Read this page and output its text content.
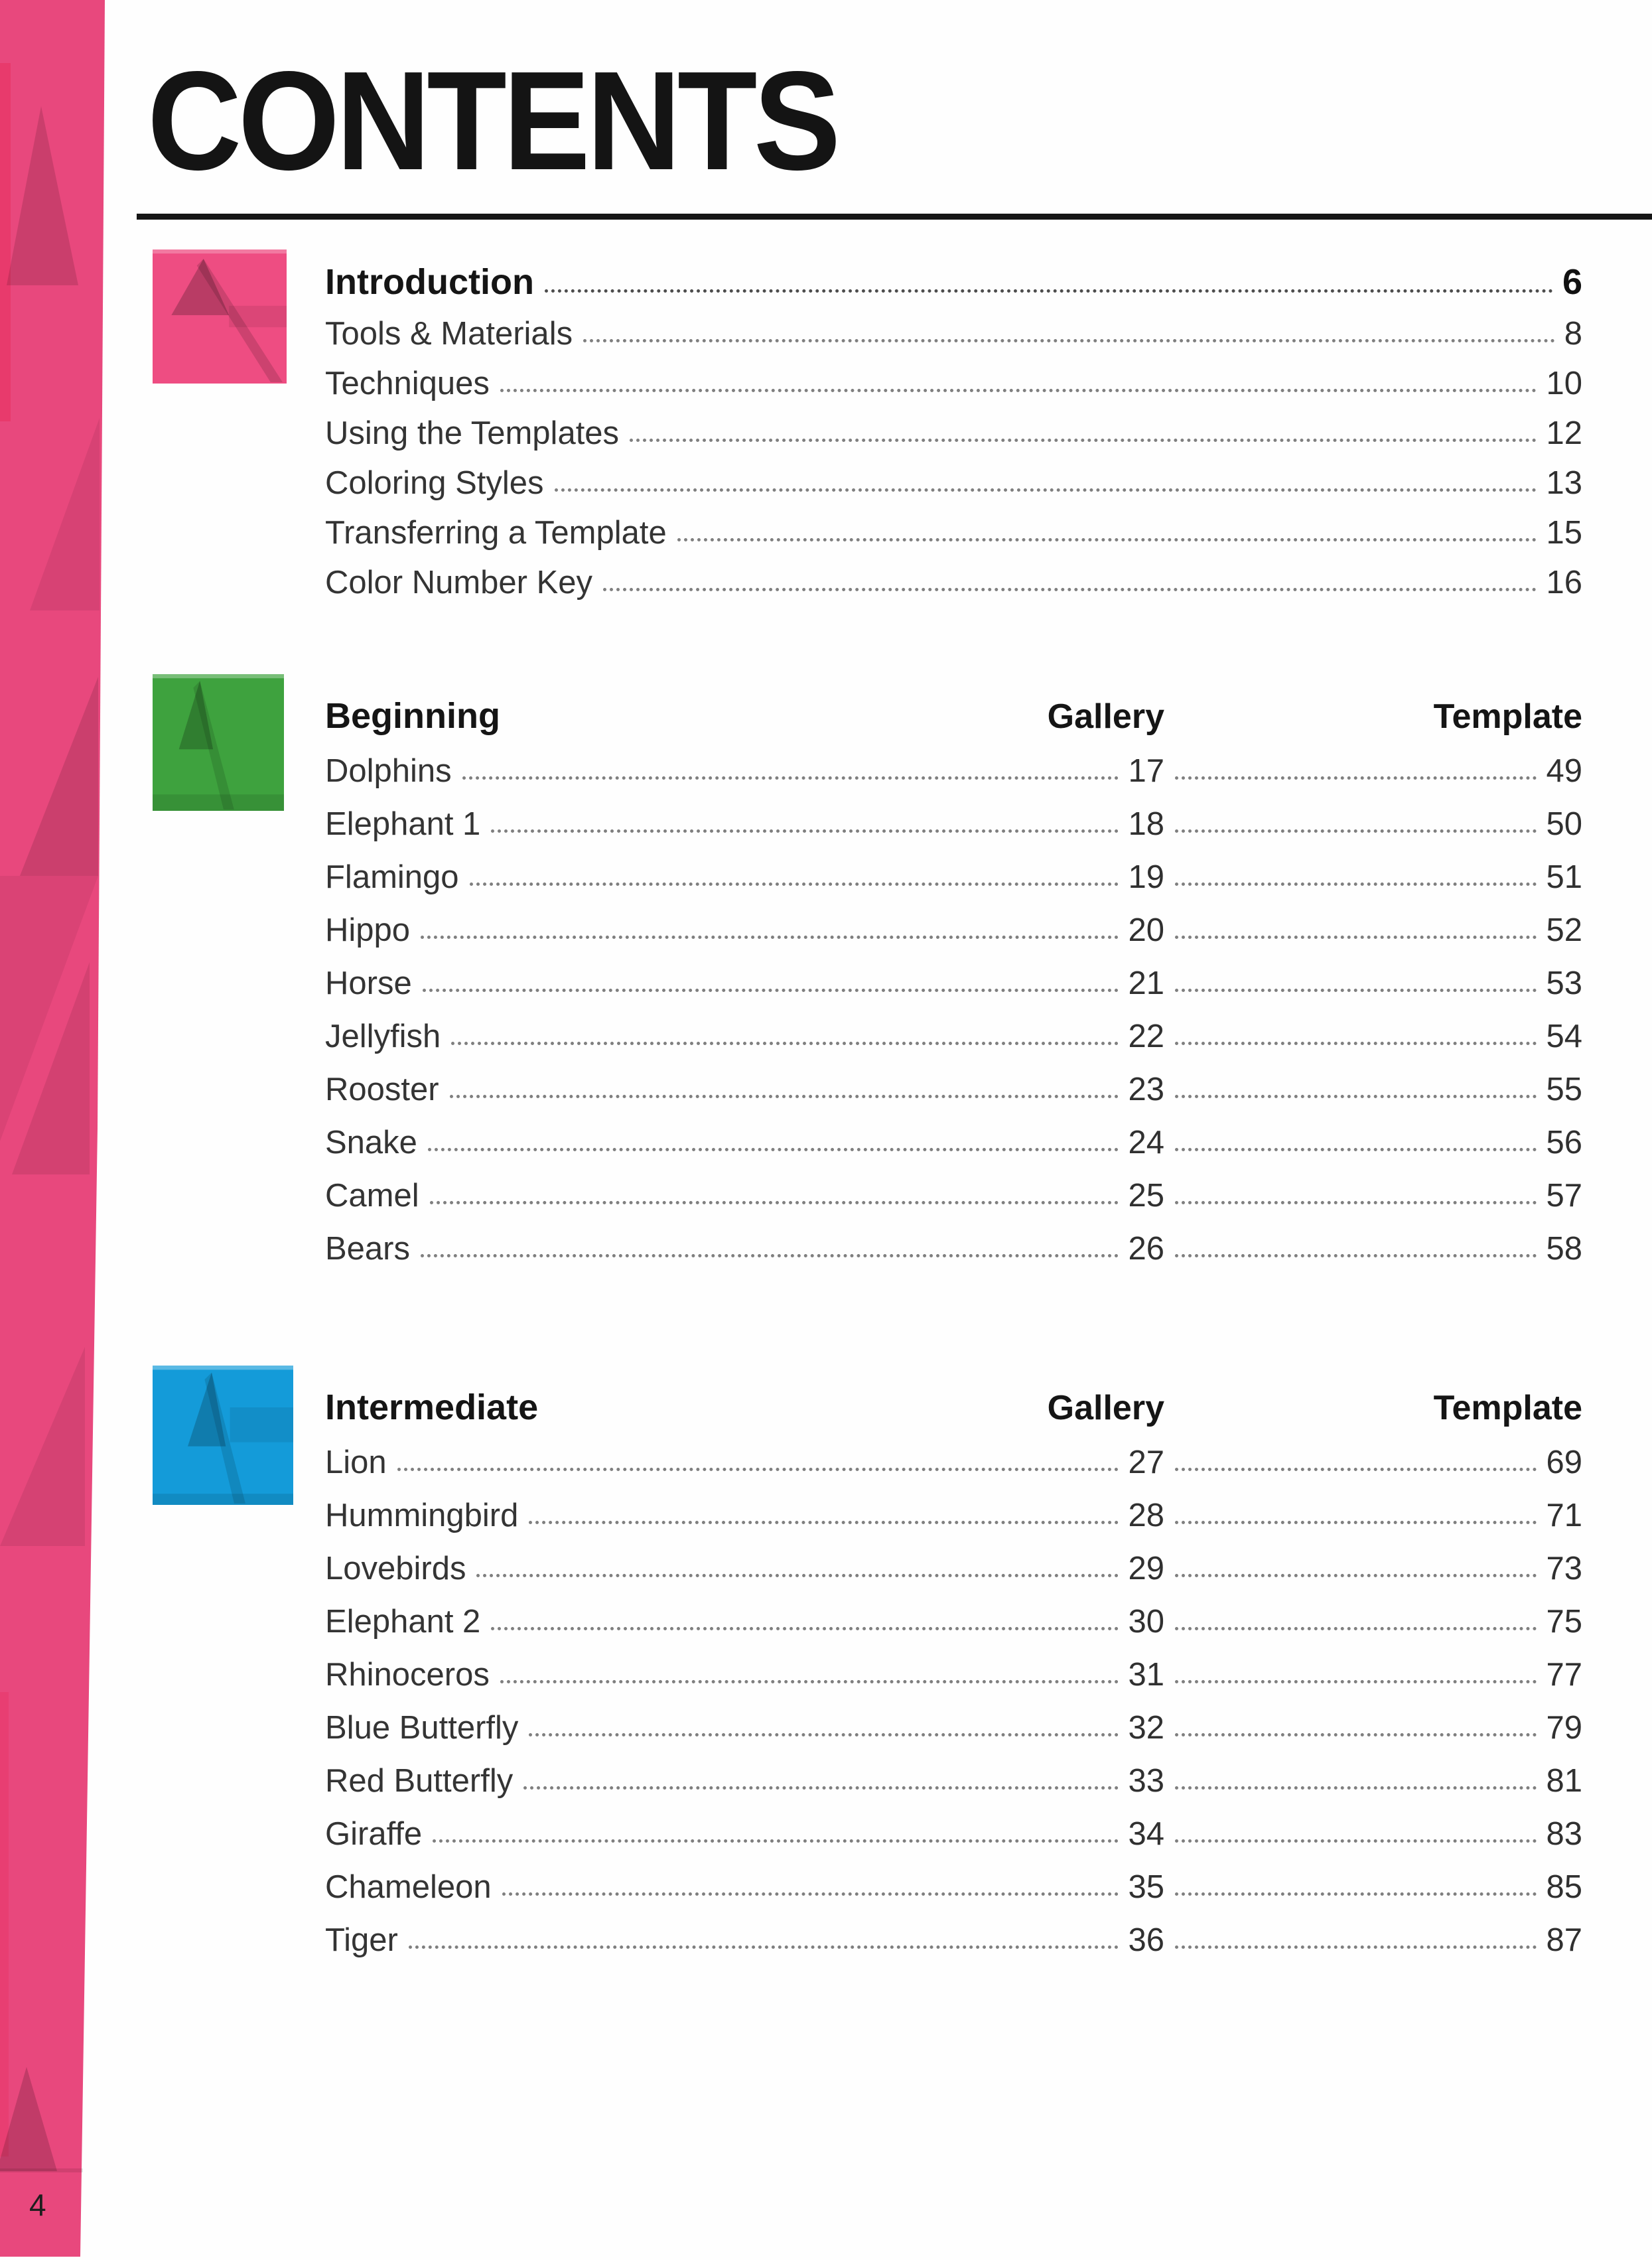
4
CONTENTS
Introduction	6
Tools & Materials	8
Techniques	10
Using the Templates	12
Coloring Styles	13
Transferring a Template	15
Color Number Key	16
Beginning	Gallery	Template
Dolphins	17	49
Elephant 1	18	50
Flamingo	19	51
Hippo	20	52
Horse	21	53
Jellyfish	22	54
Rooster	23	55
Snake	24	56
Camel	25	57
Bears	26	58
Intermediate	Gallery	Template
Lion	27	69
Hummingbird	28	71
Lovebirds	29	73
Elephant 2	30	75
Rhinoceros	31	77
Blue Butterfly	32	79
Red Butterfly	33	81
Giraffe	34	83
Chameleon	35	85
Tiger	36	87
